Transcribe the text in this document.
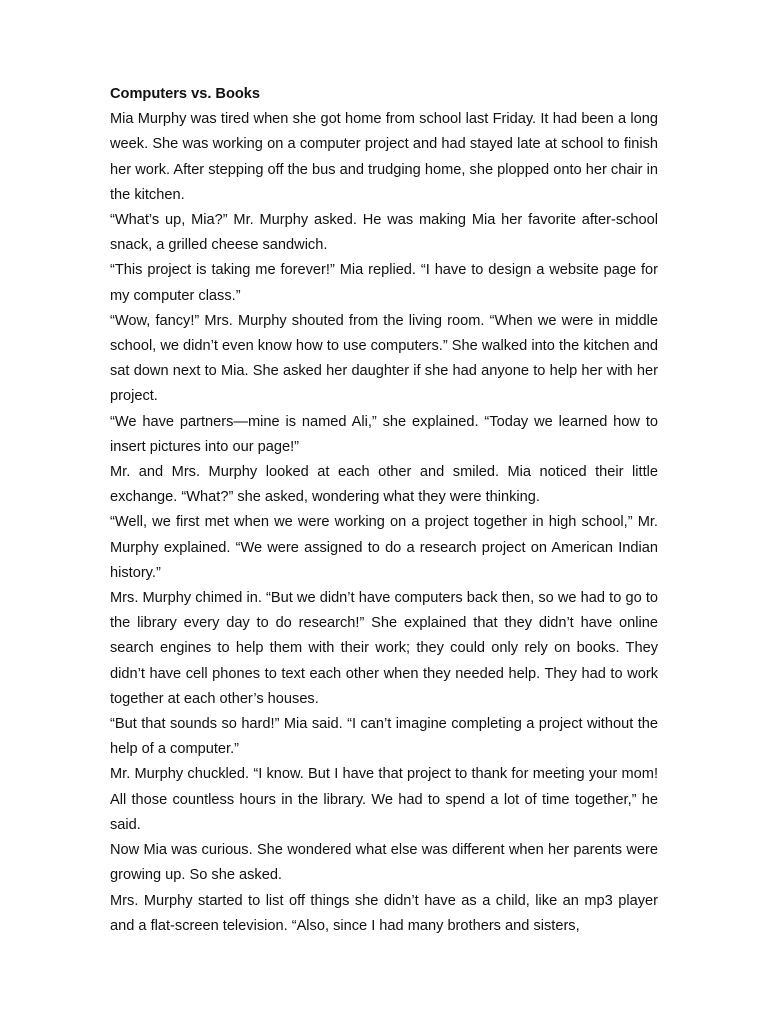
Computers vs. Books

Mia Murphy was tired when she got home from school last Friday. It had been a long week. She was working on a computer project and had stayed late at school to finish her work. After stepping off the bus and trudging home, she plopped onto her chair in the kitchen.

“What’s up, Mia?” Mr. Murphy asked. He was making Mia her favorite after-school snack, a grilled cheese sandwich.

“This project is taking me forever!” Mia replied. “I have to design a website page for my computer class.”

“Wow, fancy!” Mrs. Murphy shouted from the living room. “When we were in middle school, we didn’t even know how to use computers.” She walked into the kitchen and sat down next to Mia. She asked her daughter if she had anyone to help her with her project.

“We have partners—mine is named Ali,” she explained. “Today we learned how to insert pictures into our page!”

Mr. and Mrs. Murphy looked at each other and smiled. Mia noticed their little exchange. “What?” she asked, wondering what they were thinking.

“Well, we first met when we were working on a project together in high school,” Mr. Murphy explained. “We were assigned to do a research project on American Indian history.”

Mrs. Murphy chimed in. “But we didn’t have computers back then, so we had to go to the library every day to do research!” She explained that they didn’t have online search engines to help them with their work; they could only rely on books. They didn’t have cell phones to text each other when they needed help. They had to work together at each other’s houses.

“But that sounds so hard!” Mia said. “I can’t imagine completing a project without the help of a computer.”

Mr. Murphy chuckled. “I know. But I have that project to thank for meeting your mom! All those countless hours in the library. We had to spend a lot of time together,” he said.

Now Mia was curious. She wondered what else was different when her parents were growing up. So she asked.

Mrs. Murphy started to list off things she didn’t have as a child, like an mp3 player and a flat-screen television. “Also, since I had many brothers and sisters,
